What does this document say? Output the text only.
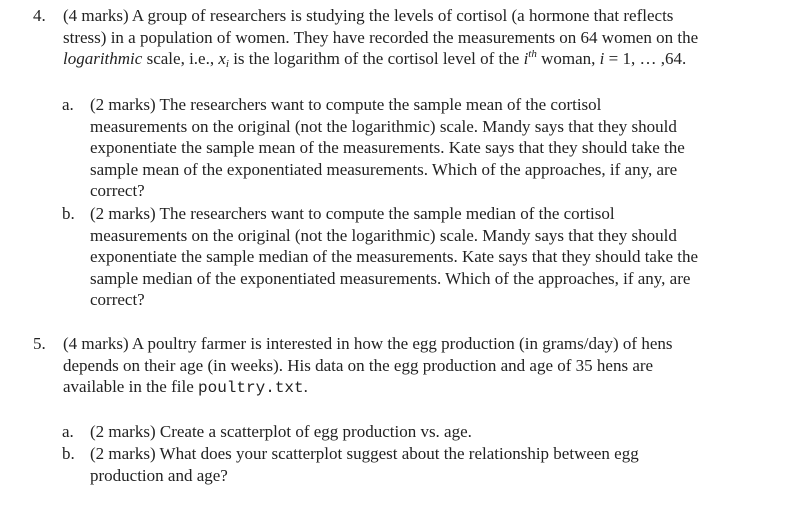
4. (4 marks) A group of researchers is studying the levels of cortisol (a hormone that reflects
stress) in a population of women. They have recorded the measurements on 64 women on the
logarithmic scale, i.e., $x_i$ is the logarithm of the cortisol level of the $i^{th}$ woman, i = 1, … ,64.
a. (2 marks) The researchers want to compute the sample mean of the cortisol
measurements on the original (not the logarithmic) scale. Mandy says that they should
exponentiate the sample mean of the measurements. Kate says that they should take the
sample mean of the exponentiated measurements. Which of the approaches, if any, are
correct?
b. (2 marks) The researchers want to compute the sample median of the cortisol
measurements on the original (not the logarithmic) scale. Mandy says that they should
exponentiate the sample median of the measurements. Kate says that they should take the
sample median of the exponentiated measurements. Which of the approaches, if any, are
correct?
5. (4 marks) A poultry farmer is interested in how the egg production (in grams/day) of hens
depends on their age (in weeks). His data on the egg production and age of 35 hens are
available in the file poultry.txt.
a. (2 marks) Create a scatterplot of egg production vs. age.
b. (2 marks) What does your scatterplot suggest about the relationship between egg
production and age?
